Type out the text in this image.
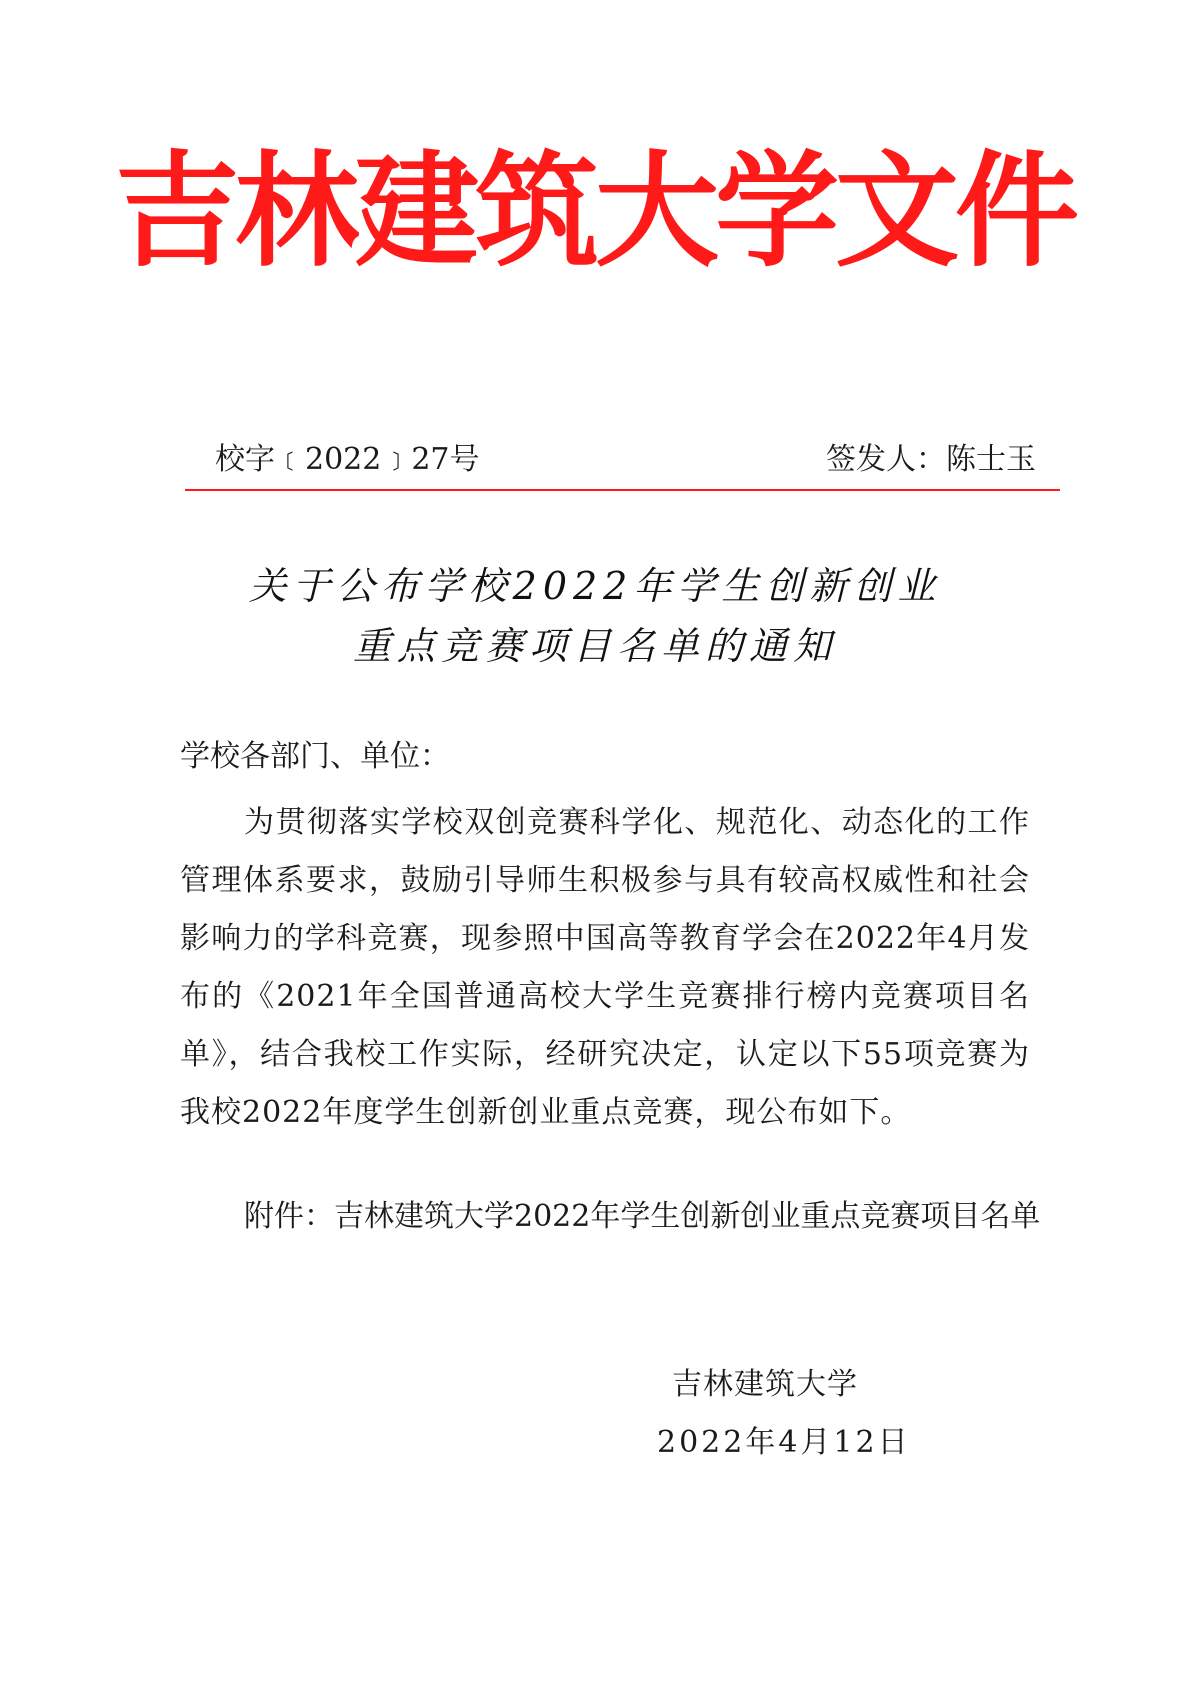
吉林建筑大学文件
校字﹝2022﹞27号	签发人：陈士玉
关于公布学校2022年学生创新创业
重点竞赛项目名单的通知
学校各部门、单位：
为贯彻落实学校双创竞赛科学化、规范化、动态化的工作管理体系要求，鼓励引导师生积极参与具有较高权威性和社会影响力的学科竞赛，现参照中国高等教育学会在2022年4月发布的《2021年全国普通高校大学生竞赛排行榜内竞赛项目名单》，结合我校工作实际，经研究决定，认定以下55项竞赛为我校2022年度学生创新创业重点竞赛，现公布如下。
附件：吉林建筑大学2022年学生创新创业重点竞赛项目名单
吉林建筑大学
2022年4月12日
